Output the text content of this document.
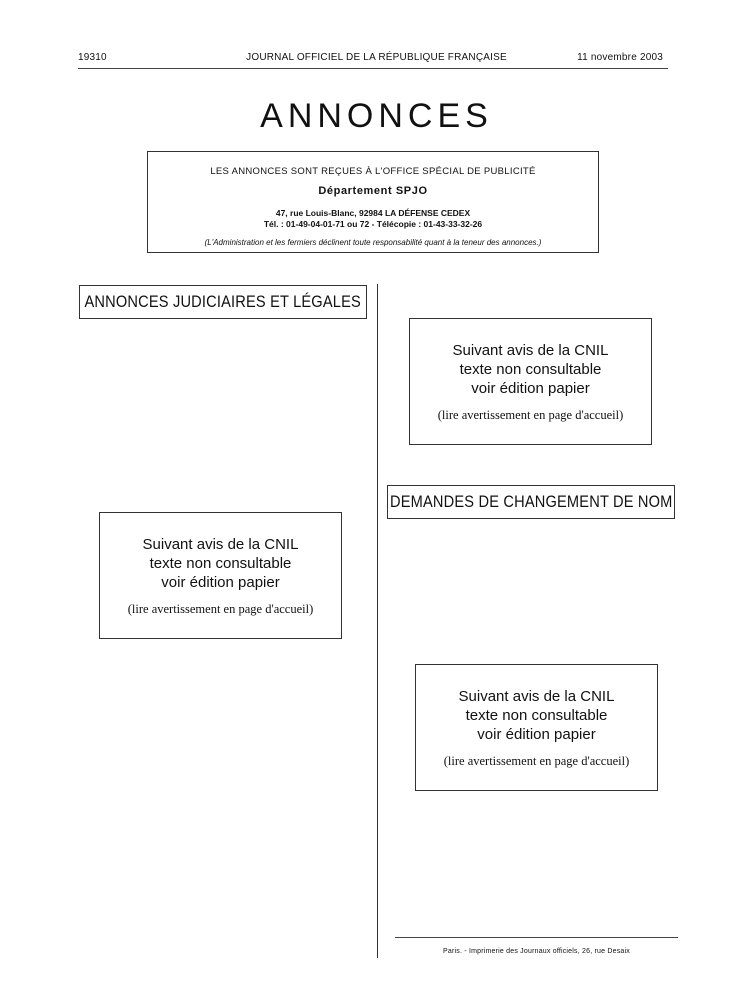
19310	JOURNAL OFFICIEL DE LA RÉPUBLIQUE FRANÇAISE	11 novembre 2003
ANNONCES
LES ANNONCES SONT REÇUES À L'OFFICE SPÉCIAL DE PUBLICITÉ
Département SPJO
47, rue Louis-Blanc, 92984 LA DÉFENSE CEDEX
Tél. : 01-49-04-01-71 ou 72 - Télécopie : 01-43-33-32-26
(L'Administration et les fermiers déclinent toute responsabilité quant à la teneur des annonces.)
ANNONCES JUDICIAIRES ET LÉGALES
DEMANDES DE CHANGEMENT DE NOM
Suivant avis de la CNIL
texte non consultable
voir édition papier
(lire avertissement en page d'accueil)
Suivant avis de la CNIL
texte non consultable
voir édition papier
(lire avertissement en page d'accueil)
Suivant avis de la CNIL
texte non consultable
voir édition papier
(lire avertissement en page d'accueil)
Paris. - Imprimerie des Journaux officiels, 26, rue Desaix
